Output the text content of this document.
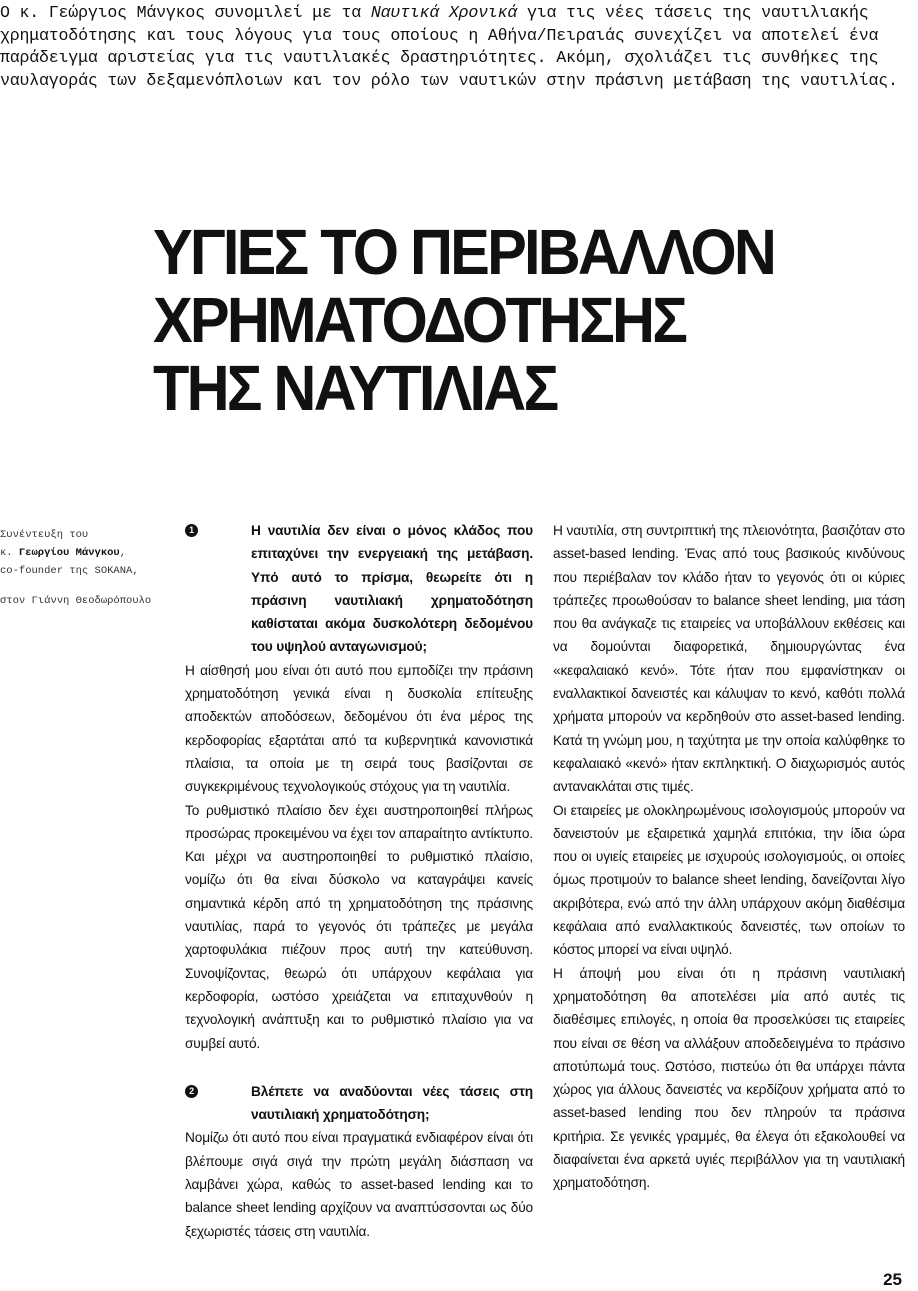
Ο κ. Γεώργιος Μάνγκος συνομιλεί με τα Ναυτικά Χρονικά για τις νέες τάσεις της ναυτιλιακής χρηματοδότησης και τους λόγους για τους οποίους η Αθήνα/Πειραιάς συνεχίζει να αποτελεί ένα παράδειγμα αριστείας για τις ναυτιλιακές δραστηριότητες. Ακόμη, σχολιάζει τις συνθήκες της ναυλαγοράς των δεξαμενόπλοιων και τον ρόλο των ναυτικών στην πράσινη μετάβαση της ναυτιλίας.

ΥΓΙΕΣ ΤΟ ΠΕΡΙΒΑΛΛΟΝ
ΧΡΗΜΑΤΟΔΟΤΗΣΗΣ
ΤΗΣ ΝΑΥΤΙΛΙΑΣ
Συνέντευξη του
κ. Γεωργίου Μάνγκου,
co-founder της SOKANA,
στον Γιάννη Θεοδωρόπουλο
1	Η ναυτιλία δεν είναι ο μόνος κλάδος που επιταχύνει την ενεργειακή της μετάβαση. Υπό αυτό το πρίσμα, θεωρείτε ότι η πράσινη ναυτιλιακή χρηματοδότηση καθίσταται ακόμα δυσκολότερη δεδομένου του υψηλού ανταγωνισμού;

Η αίσθησή μου είναι ότι αυτό που εμποδίζει την πράσινη χρηματοδότηση γενικά είναι η δυσκολία επίτευξης αποδεκτών αποδόσεων, δεδομένου ότι ένα μέρος της κερδοφορίας εξαρτάται από τα κυβερνητικά κανονιστικά πλαίσια, τα οποία με τη σειρά τους βασίζονται σε συγκεκριμένους τεχνολογικούς στόχους για τη ναυτιλία.

Το ρυθμιστικό πλαίσιο δεν έχει αυστηροποιηθεί πλήρως προσώρας προκειμένου να έχει τον απαραίτητο αντίκτυπο. Και μέχρι να αυστηροποιηθεί το ρυθμιστικό πλαίσιο, νομίζω ότι θα είναι δύσκολο να καταγράψει κανείς σημαντικά κέρδη από τη χρηματοδότηση της πράσινης ναυτιλίας, παρά το γεγονός ότι τράπεζες με μεγάλα χαρτοφυλάκια πιέζουν προς αυτή την κατεύθυνση. Συνοψίζοντας, θεωρώ ότι υπάρχουν κεφάλαια για κερδοφορία, ωστόσο χρειάζεται να επιταχυνθούν η τεχνολογική ανάπτυξη και το ρυθμιστικό πλαίσιο για να συμβεί αυτό.

2	Βλέπετε να αναδύονται νέες τάσεις στη ναυτιλιακή χρηματοδότηση;

Νομίζω ότι αυτό που είναι πραγματικά ενδιαφέρον είναι ότι βλέπουμε σιγά σιγά την πρώτη μεγάλη διάσπαση να λαμβάνει χώρα, καθώς το asset-based lending και το balance sheet lending αρχίζουν να αναπτύσσονται ως δύο ξεχωριστές τάσεις στη ναυτιλία.

Η ναυτιλία, στη συντριπτική της πλειονότητα, βασιζόταν στο asset-based lending. Ένας από τους βασικούς κινδύνους που περιέβαλαν τον κλάδο ήταν το γεγονός ότι οι κύριες τράπεζες προωθούσαν το balance sheet lending, μια τάση που θα ανάγκαζε τις εταιρείες να υποβάλλουν εκθέσεις και να δομούνται διαφορετικά, δημιουργώντας ένα «κεφαλαιακό κενό». Τότε ήταν που εμφανίστηκαν οι εναλλακτικοί δανειστές και κάλυψαν το κενό, καθότι πολλά χρήματα μπορούν να κερδηθούν στο asset-based lending. Κατά τη γνώμη μου, η ταχύτητα με την οποία καλύφθηκε το κεφαλαιακό «κενό» ήταν εκπληκτική. Ο διαχωρισμός αυτός αντανακλάται στις τιμές.

Οι εταιρείες με ολοκληρωμένους ισολογισμούς μπορούν να δανειστούν με εξαιρετικά χαμηλά επιτόκια, την ίδια ώρα που οι υγιείς εταιρείες με ισχυρούς ισολογισμούς, οι οποίες όμως προτιμούν το balance sheet lending, δανείζονται λίγο ακριβότερα, ενώ από την άλλη υπάρχουν ακόμη διαθέσιμα κεφάλαια από εναλλακτικούς δανειστές, των οποίων το κόστος μπορεί να είναι υψηλό.

Η άποψή μου είναι ότι η πράσινη ναυτιλιακή χρηματοδότηση θα αποτελέσει μία από αυτές τις διαθέσιμες επιλογές, η οποία θα προσελκύσει τις εταιρείες που είναι σε θέση να αλλάξουν αποδεδειγμένα το πράσινο αποτύπωμά τους. Ωστόσο, πιστεύω ότι θα υπάρχει πάντα χώρος για άλλους δανειστές να κερδίζουν χρήματα από το asset-based lending που δεν πληρούν τα πράσινα κριτήρια. Σε γενικές γραμμές, θα έλεγα ότι εξακολουθεί να διαφαίνεται ένα αρκετά υγιές περιβάλλον για τη ναυτιλιακή χρηματοδότηση.

25
